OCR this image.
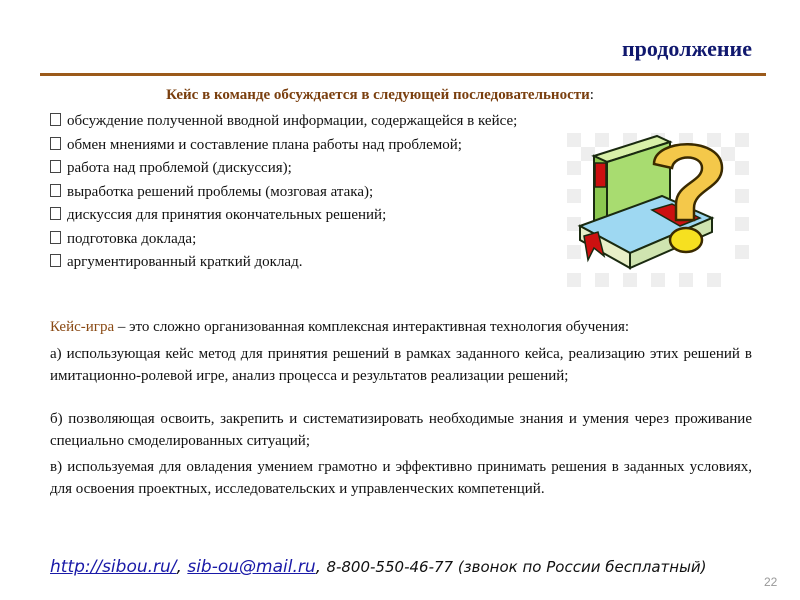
продолжение
Кейс в команде обсуждается в следующей последовательности:
обсуждение полученной вводной информации, содержащейся в кейсе;
обмен мнениями и составление плана работы над проблемой;
работа над проблемой (дискуссия);
выработка решений проблемы (мозговая атака);
дискуссия для принятия окончательных решений;
подготовка доклада;
аргументированный краткий доклад.
Кейс-игра – это сложно организованная комплексная интерактивная технология обучения:
а) использующая кейс метод для принятия решений в рамках заданного кейса, реализацию этих решений в имитационно-ролевой игре, анализ процесса и результатов реализации решений;
б) позволяющая освоить, закрепить и систематизировать необходимые знания и умения через проживание специально смоделированных ситуаций;
в) используемая для овладения умением грамотно и эффективно принимать решения в заданных условиях, для освоения проектных, исследовательских и управленческих компетенций.
http://sibou.ru/, sib-ou@mail.ru, 8-800-550-46-77 (звонок по России бесплатный)
22
